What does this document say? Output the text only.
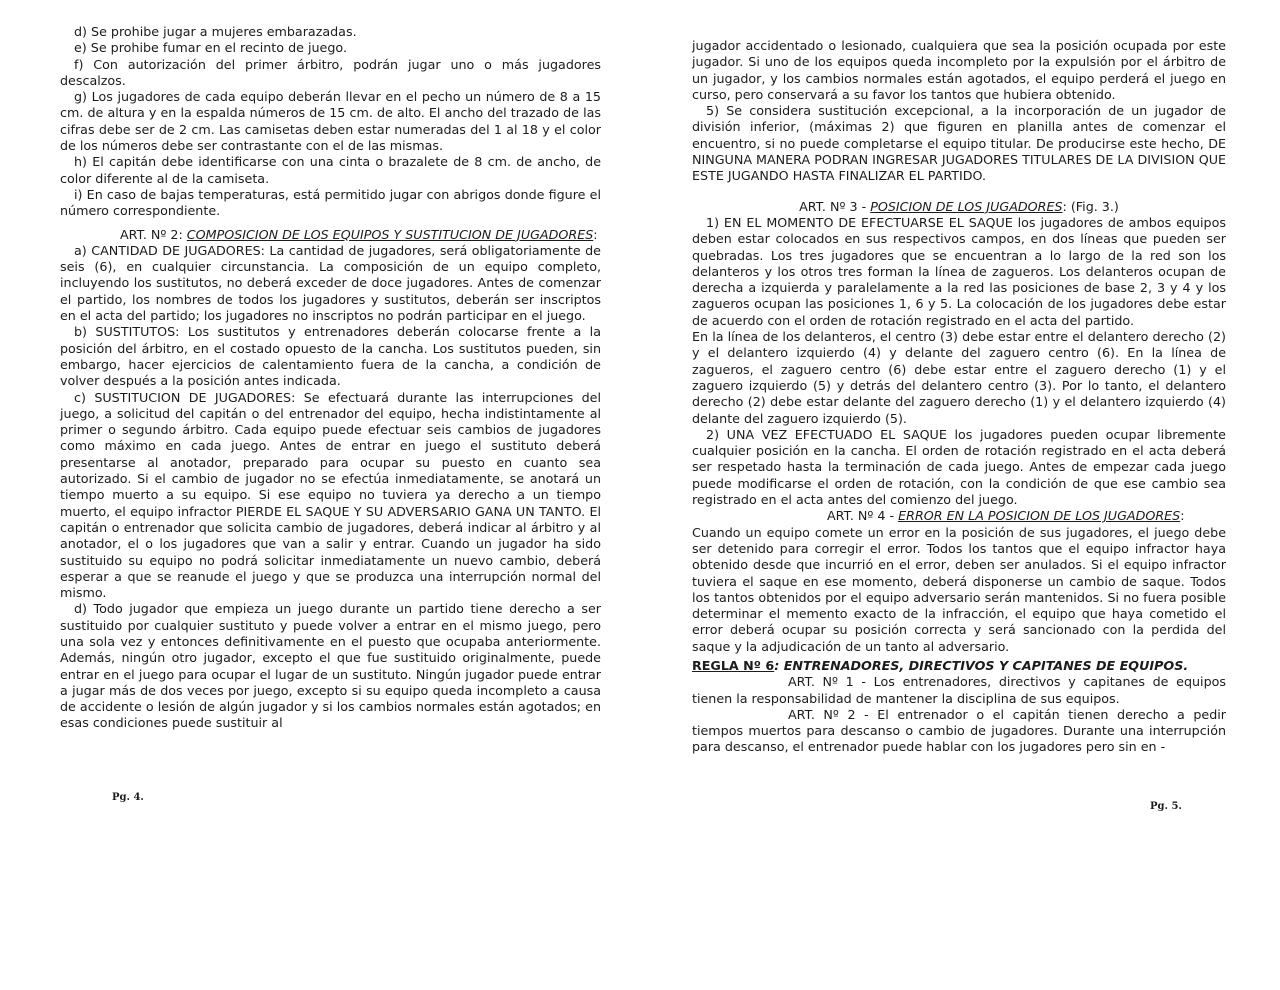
d) Se prohibe jugar a mujeres embarazadas.

e) Se prohibe fumar en el recinto de juego.

f) Con autorización del primer árbitro, podrán jugar uno o más jugadores descalzos.

g) Los jugadores de cada equipo deberán llevar en el pecho un número de 8 a 15 cm. de altura y en la espalda números de 15 cm. de alto. El ancho del trazado de las cifras debe ser de 2 cm. Las camisetas deben estar numeradas del 1 al 18 y el color de los números debe ser contrastante con el de las mismas.

h) El capitán debe identificarse con una cinta o brazalete de 8 cm. de ancho, de color diferente al de la camiseta.

i) En caso de bajas temperaturas, está permitido jugar con abrigos donde figure el número correspondiente.

ART. Nº 2: COMPOSICION DE LOS EQUIPOS Y SUSTITUCION DE JUGADORES:

a) CANTIDAD DE JUGADORES: La cantidad de jugadores, será obligatoriamente de seis (6), en cualquier circunstancia. La composición de un equipo completo, incluyendo los sustitutos, no deberá exceder de doce jugadores. Antes de comenzar el partido, los nombres de todos los jugadores y sustitutos, deberán ser inscriptos en el acta del partido; los jugadores no inscriptos no podrán participar en el juego.

b) SUSTITUTOS: Los sustitutos y entrenadores deberán colocarse frente a la posición del árbitro, en el costado opuesto de la cancha. Los sustitutos pueden, sin embargo, hacer ejercicios de calentamiento fuera de la cancha, a condición de volver después a la posición antes indicada.

c) SUSTITUCION DE JUGADORES: Se efectuará durante las interrupciones del juego, a solicitud del capitán o del entrenador del equipo, hecha indistintamente al primer o segundo árbitro. Cada equipo puede efectuar seis cambios de jugadores como máximo en cada juego. Antes de entrar en juego el sustituto deberá presentarse al anotador, preparado para ocupar su puesto en cuanto sea autorizado. Si el cambio de jugador no se efectúa inmediatamente, se anotará un tiempo muerto a su equipo. Si ese equipo no tuviera ya derecho a un tiempo muerto, el equipo infractor PIERDE EL SAQUE Y SU ADVERSARIO GANA UN TANTO. El capitán o entrenador que solicita cambio de jugadores, deberá indicar al árbitro y al anotador, el o los jugadores que van a salir y entrar. Cuando un jugador ha sido sustituido su equipo no podrá solicitar inmediatamente un nuevo cambio, deberá esperar a que se reanude el juego y que se produzca una interrupción normal del mismo.

d) Todo jugador que empieza un juego durante un partido tiene derecho a ser sustituido por cualquier sustituto y puede volver a entrar en el mismo juego, pero una sola vez y entonces definitivamente en el puesto que ocupaba anteriormente. Además, ningún otro jugador, excepto el que fue sustituido originalmente, puede entrar en el juego para ocupar el lugar de un sustituto. Ningún jugador puede entrar a jugar más de dos veces por juego, excepto si su equipo queda incompleto a causa de accidente o lesión de algún jugador y si los cambios normales están agotados; en esas condiciones puede sustituir al

Pg. 4.

jugador accidentado o lesionado, cualquiera que sea la posición ocupada por este jugador. Si uno de los equipos queda incompleto por la expulsión por el árbitro de un jugador, y los cambios normales están agotados, el equipo perderá el juego en curso, pero conservará a su favor los tantos que hubiera obtenido.

5) Se considera sustitución excepcional, a la incorporación de un jugador de división inferior, (máximas 2) que figuren en planilla antes de comenzar el encuentro, si no puede completarse el equipo titular. De producirse este hecho, DE NINGUNA MANERA PODRAN INGRESAR JUGADORES TITULARES DE LA DIVISION QUE ESTE JUGANDO HASTA FINALIZAR EL PARTIDO.

ART. Nº 3 - POSICION DE LOS JUGADORES: (Fig. 3.)

1) EN EL MOMENTO DE EFECTUARSE EL SAQUE los jugadores de ambos equipos deben estar colocados en sus respectivos campos, en dos líneas que pueden ser quebradas. Los tres jugadores que se encuentran a lo largo de la red son los delanteros y los otros tres forman la línea de zagueros. Los delanteros ocupan de derecha a izquierda y paralelamente a la red las posiciones de base 2, 3 y 4 y los zagueros ocupan las posiciones 1, 6 y 5. La colocación de los jugadores debe estar de acuerdo con el orden de rotación registrado en el acta del partido.

En la línea de los delanteros, el centro (3) debe estar entre el delantero derecho (2) y el delantero izquierdo (4) y delante del zaguero centro (6). En la línea de zagueros, el zaguero centro (6) debe estar entre el zaguero derecho (1) y el zaguero izquierdo (5) y detrás del delantero centro (3). Por lo tanto, el delantero derecho (2) debe estar delante del zaguero derecho (1) y el delantero izquierdo (4) delante del zaguero izquierdo (5).

2) UNA VEZ EFECTUADO EL SAQUE los jugadores pueden ocupar libremente cualquier posición en la cancha. El orden de rotación registrado en el acta deberá ser respetado hasta la terminación de cada juego. Antes de empezar cada juego puede modificarse el orden de rotación, con la condición de que ese cambio sea registrado en el acta antes del comienzo del juego.

ART. Nº 4 - ERROR EN LA POSICION DE LOS JUGADORES:

Cuando un equipo comete un error en la posición de sus jugadores, el juego debe ser detenido para corregir el error. Todos los tantos que el equipo infractor haya obtenido desde que incurrió en el error, deben ser anulados. Si el equipo infractor tuviera el saque en ese momento, deberá disponerse un cambio de saque. Todos los tantos obtenidos por el equipo adversario serán mantenidos. Si no fuera posible determinar el memento exacto de la infracción, el equipo que haya cometido el error deberá ocupar su posición correcta y será sancionado con la perdida del saque y la adjudicación de un tanto al adversario.

REGLA Nº 6: ENTRENADORES, DIRECTIVOS Y CAPITANES DE EQUIPOS.

ART. Nº 1 - Los entrenadores, directivos y capitanes de equipos tienen la responsabilidad de mantener la disciplina de sus equipos.

ART. Nº 2 - El entrenador o el capitán tienen derecho a pedir tiempos muertos para descanso o cambio de jugadores. Durante una interrupción para descanso, el entrenador puede hablar con los jugadores pero sin en -

Pg. 5.
